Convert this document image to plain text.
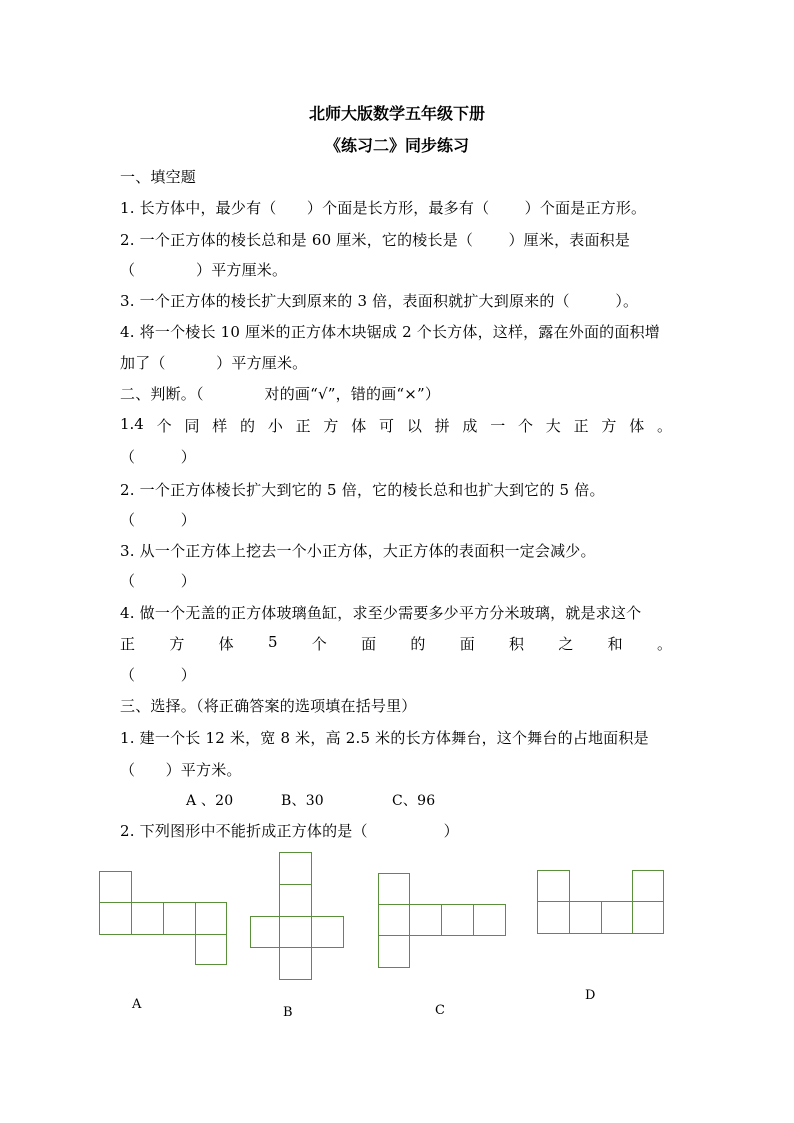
北师大版数学五年级下册
《练习二》同步练习
一、填空题
1. 长方体中，最少有（　　）个面是长方形，最多有（　　 ）个面是正方形。
2. 一个正方体的棱长总和是 60 厘米，它的棱长是（　　 ）厘米，表面积是
（　　　　）平方厘米。
3. 一个正方体的棱长扩大到原来的 3 倍，表面积就扩大到原来的（　　　）。
4. 将一个棱长 10 厘米的正方体木块锯成 2 个长方体，这样，露在外面的面积增
加了（　　　 ）平方厘米。
二、判断。（　　　　对的画“√”，错的画“×”）
1.4 个 同 样 的 小 正 方 体 可 以 拼 成 一 个 大 正 方 体 。
（　　　）
2. 一个正方体棱长扩大到它的 5 倍，它的棱长总和也扩大到它的 5 倍。
（　　　）
3. 从一个正方体上挖去一个小正方体，大正方体的表面积一定会减少。
（　　　）
4. 做一个无盖的正方体玻璃鱼缸，求至少需要多少平方分米玻璃，就是求这个
正 方 体 5 个 面 的 面 积 之 和 。
（　　　）
三、选择。（将正确答案的选项填在括号里）
1. 建一个长 12 米，宽 8 米，高 2.5 米的长方体舞台，这个舞台的占地面积是
（　　）平方米。
A 、20	B、30	C、96
2. 下列图形中不能折成正方体的是（　　　　　）
A
B	C
D
